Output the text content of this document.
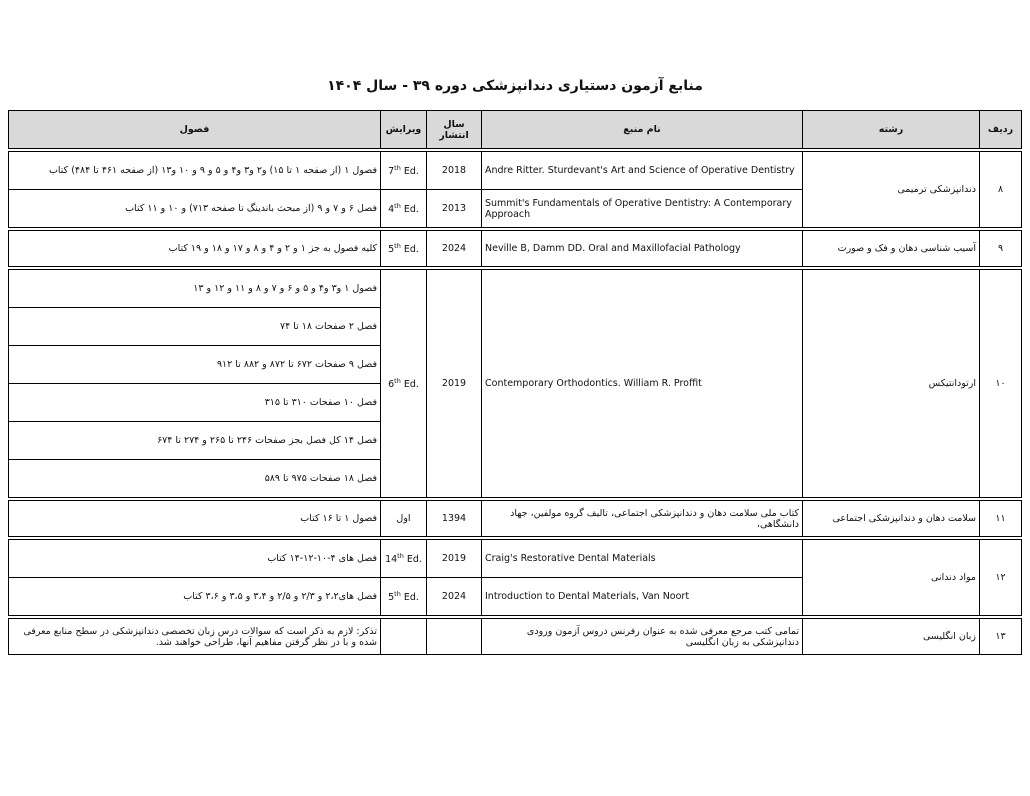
منابع آزمون دستیاری دندانپزشکی دوره ۳۹ - سال ۱۴۰۴
ردیف	رشته	نام منبع	سال انتشار	ویرایش	فصول

۸	دندانپزشکی ترمیمی	Andre Ritter. Sturdevant's Art and Science of Operative Dentistry	2018	7th Ed.	فصول ۱ (از صفحه ۱ تا ۱۵) و۲ و۳ و۴ و ۵ و ۹ و ۱۰ و۱۳ (از صفحه ۴۶۱ تا ۴۸۴) کتاب
		Summit's Fundamentals of Operative Dentistry: A Contemporary Approach	2013	4th Ed.	فصل ۶ و ۷ و ۹ (از مبحث باندینگ تا صفحه ۷۱۳) و ۱۰ و ۱۱ کتاب

۹	آسیب شناسی دهان و فک و صورت	Neville B, Damm DD. Oral and Maxillofacial Pathology	2024	5th Ed.	کلیه فصول به جز ۱ و ۲ و ۴ و ۸ و ۱۷ و ۱۸ و ۱۹ کتاب

۱۰	ارتودانتیکس	Contemporary Orthodontics. William R. Proffit	2019	6th Ed.	فصول ۱ و۳ و۴ و ۵ و ۶ و ۷ و ۸ و ۱۱ و ۱۲ و ۱۳
					فصل ۲ صفحات ۱۸ تا ۷۴
					فصل ۹ صفحات ۶۷۲ تا ۸۷۲ و ۸۸۲ تا ۹۱۲
					فصل ۱۰ صفحات ۳۱۰ تا ۳۱۵
					فصل ۱۴ کل فصل بجز صفحات ۲۴۶ تا ۲۶۵ و ۲۷۴ تا ۶۷۴
					فصل ۱۸ صفحات ۹۷۵ تا ۵۸۹

۱۱	سلامت دهان و دندانپزشکی اجتماعی	کتاب ملی سلامت دهان و دندانپزشکی اجتماعی، تالیف گروه مولفین، جهاد دانشگاهی،	1394	اول	فصول ۱ تا ۱۶ کتاب

۱۲	مواد دندانی	Craig's Restorative Dental Materials	2019	14th Ed.	فصل های ۴-۱۰-۱۲-۱۴ کتاب
		Introduction to Dental Materials, Van Noort	2024	5th Ed.	فصل های۲،۲ و ۲/۳ و ۲/۵ و ۳،۴ و ۳،۵ و ۳،۶ کتاب

۱۳	زبان انگلیسی	تمامی کتب مرجع معرفی شده به عنوان رفرنس دروس آزمون ورودی دندانپزشکی به زبان انگلیسی			تذکر: لازم به ذکر است که سوالات درس زبان تخصصی دندانپزشکی در سطح منابع معرفی شده و با در نظر گرفتن مفاهیم آنها، طراحی خواهند شد.
